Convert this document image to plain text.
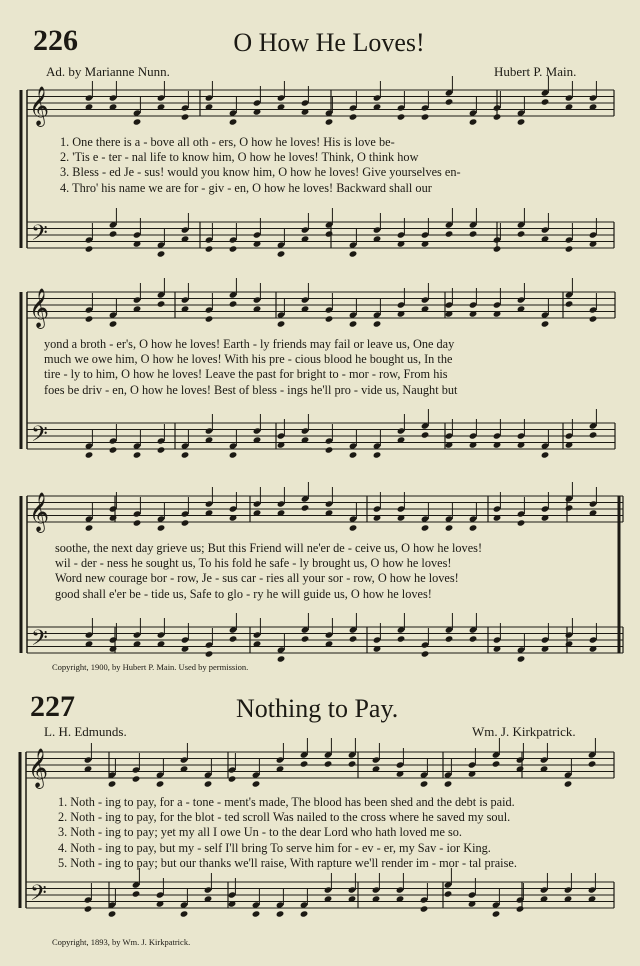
226	O How He Loves!
Ad. by Marianne Nunn.	Hubert P. Main.
𝄞
𝄢
𝄞
𝄢
𝄞
𝄢
𝄞
𝄢

1. One there is a - bove all oth - ers, O how he loves! His is love be-

2. 'Tis e - ter - nal life to know him, O how he loves! Think, O think how

3. Bless - ed Je - sus! would you know him, O how he loves! Give yourselves en-

4. Thro' his name we are for - giv - en, O how he loves! Backward shall our

yond a broth - er's, O how he loves! Earth - ly friends may fail or leave us, One day

much we owe him, O how he loves! With his pre - cious blood he bought us, In the

tire - ly to him, O how he loves! Leave the past for bright to - mor - row, From his

foes be driv - en, O how he loves! Best of bless - ings he'll pro - vide us, Naught but

soothe, the next day grieve us; But this Friend will ne'er de - ceive us, O how he loves!

wil - der - ness he sought us, To his fold he safe - ly brought us, O how he loves!

Word new courage bor - row, Je - sus car - ries all your sor - row, O how he loves!

good shall e'er be - tide us, Safe to glo - ry he will guide us, O how he loves!

Copyright, 1900, by Hubert P. Main. Used by permission.
227	Nothing to Pay.
L. H. Edmunds.	Wm. J. Kirkpatrick.

1. Noth - ing to pay, for a - tone - ment's made, The blood has been shed and the debt is paid.

2. Noth - ing to pay, for the blot - ted scroll Was nailed to the cross where he saved my soul.

3. Noth - ing to pay; yet my all I owe Un - to the dear Lord who hath loved me so.

4. Noth - ing to pay, but my - self I'll bring To serve him for - ev - er, my Sav - ior King.

5. Noth - ing to pay; but our thanks we'll raise, With rapture we'll render im - mor - tal praise.

Copyright, 1893, by Wm. J. Kirkpatrick.
